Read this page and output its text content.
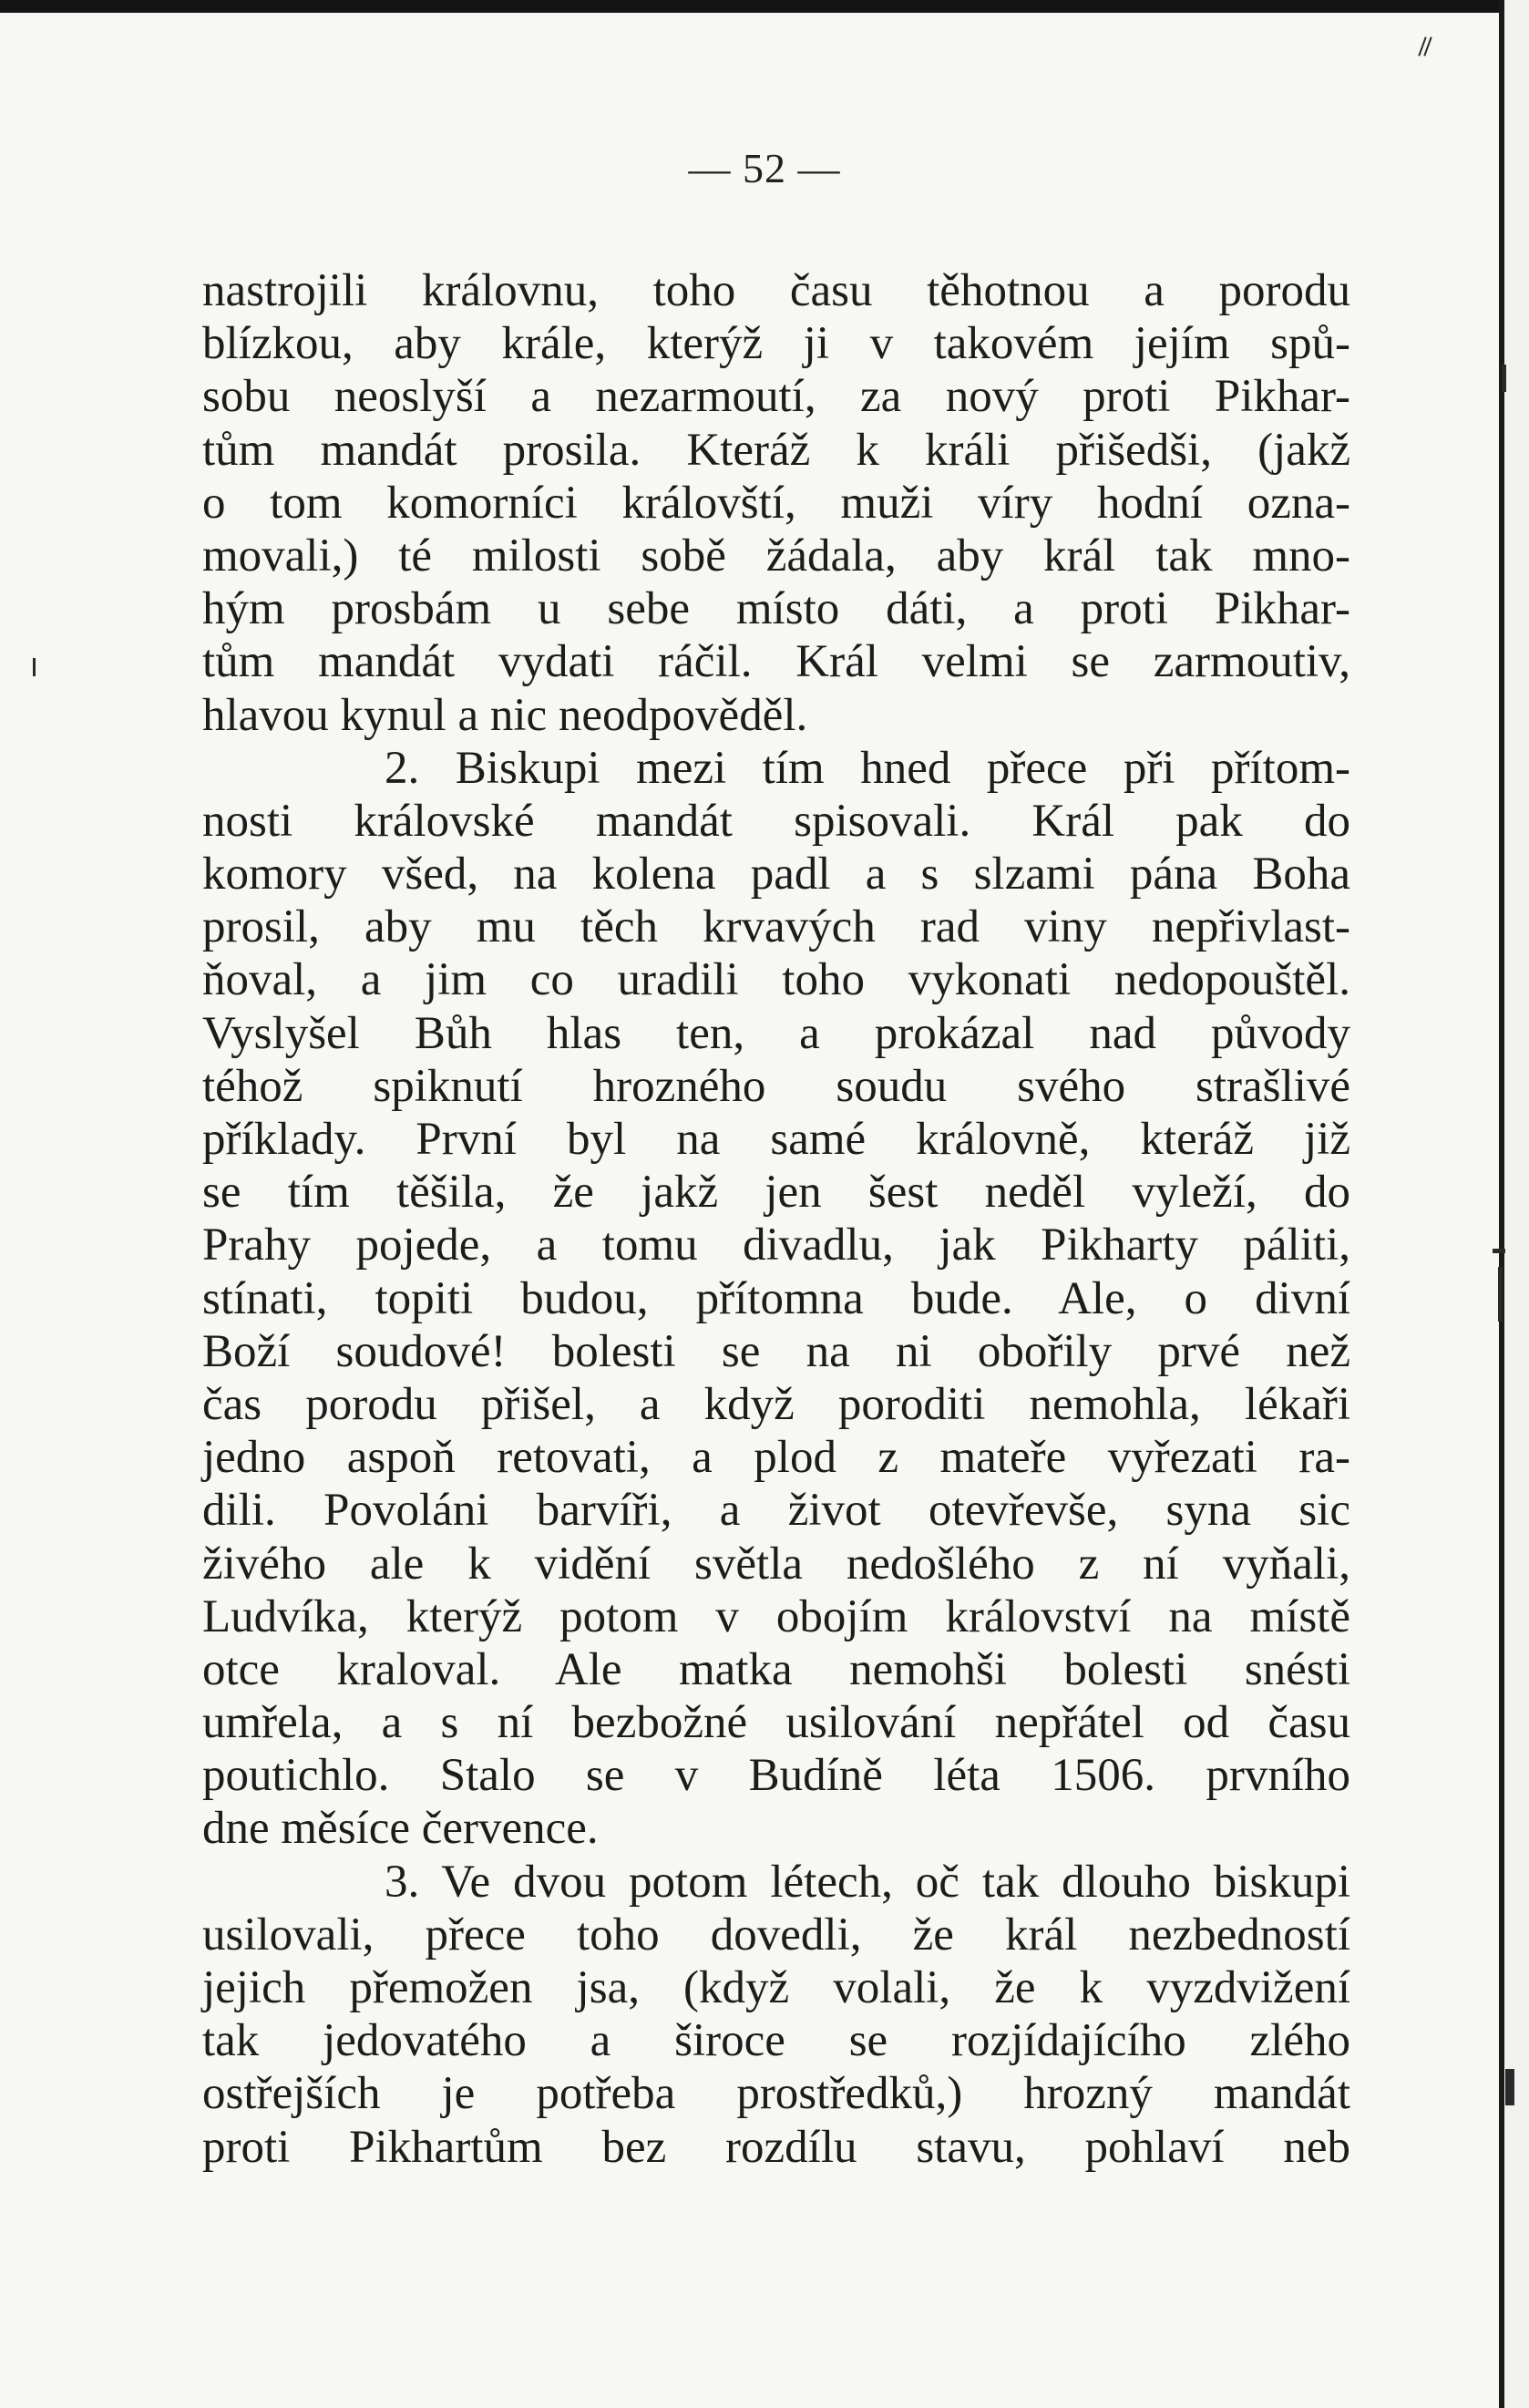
— 52 —
nastrojili královnu, toho času těhotnou a porodu
blízkou, aby krále, kterýž ji v takovém jejím spů-
sobu neoslyší a nezarmoutí, za nový proti Pikhar-
tům mandát prosila. Kteráž k králi přišedši, (jakž
o tom komorníci královští, muži víry hodní ozna-
movali,) té milosti sobě žádala, aby král tak mno-
hým prosbám u sebe místo dáti, a proti Pikhar-
tům mandát vydati ráčil. Král velmi se zarmoutiv,
hlavou kynul a nic neodpověděl.
2. Biskupi mezi tím hned přece při přítom-
nosti královské mandát spisovali. Král pak do
komory všed, na kolena padl a s slzami pána Boha
prosil, aby mu těch krvavých rad viny nepřivlast-
ňoval, a jim co uradili toho vykonati nedopouštěl.
Vyslyšel Bůh hlas ten, a prokázal nad původy
téhož spiknutí hrozného soudu svého strašlivé
příklady. První byl na samé královně, kteráž již
se tím těšila, že jakž jen šest neděl vyleží, do
Prahy pojede, a tomu divadlu, jak Pikharty páliti,
stínati, topiti budou, přítomna bude. Ale, o divní
Boží soudové! bolesti se na ni obořily prvé než
čas porodu přišel, a když poroditi nemohla, lékaři
jedno aspoň retovati, a plod z mateře vyřezati ra-
dili. Povoláni barvíři, a život otevřevše, syna sic
živého ale k vidění světla nedošlého z ní vyňali,
Ludvíka, kterýž potom v obojím království na místě
otce kraloval. Ale matka nemohši bolesti snésti
umřela, a s ní bezbožné usilování nepřátel od času
poutichlo. Stalo se v Budíně léta 1506. prvního
dne měsíce července.
3. Ve dvou potom létech, oč tak dlouho biskupi
usilovali, přece toho dovedli, že král nezbedností
jejich přemožen jsa, (když volali, že k vyzdvižení
tak jedovatého a široce se rozjídajícího zlého
ostřejších je potřeba prostředků,) hrozný mandát
proti Pikhartům bez rozdílu stavu, pohlaví neb
